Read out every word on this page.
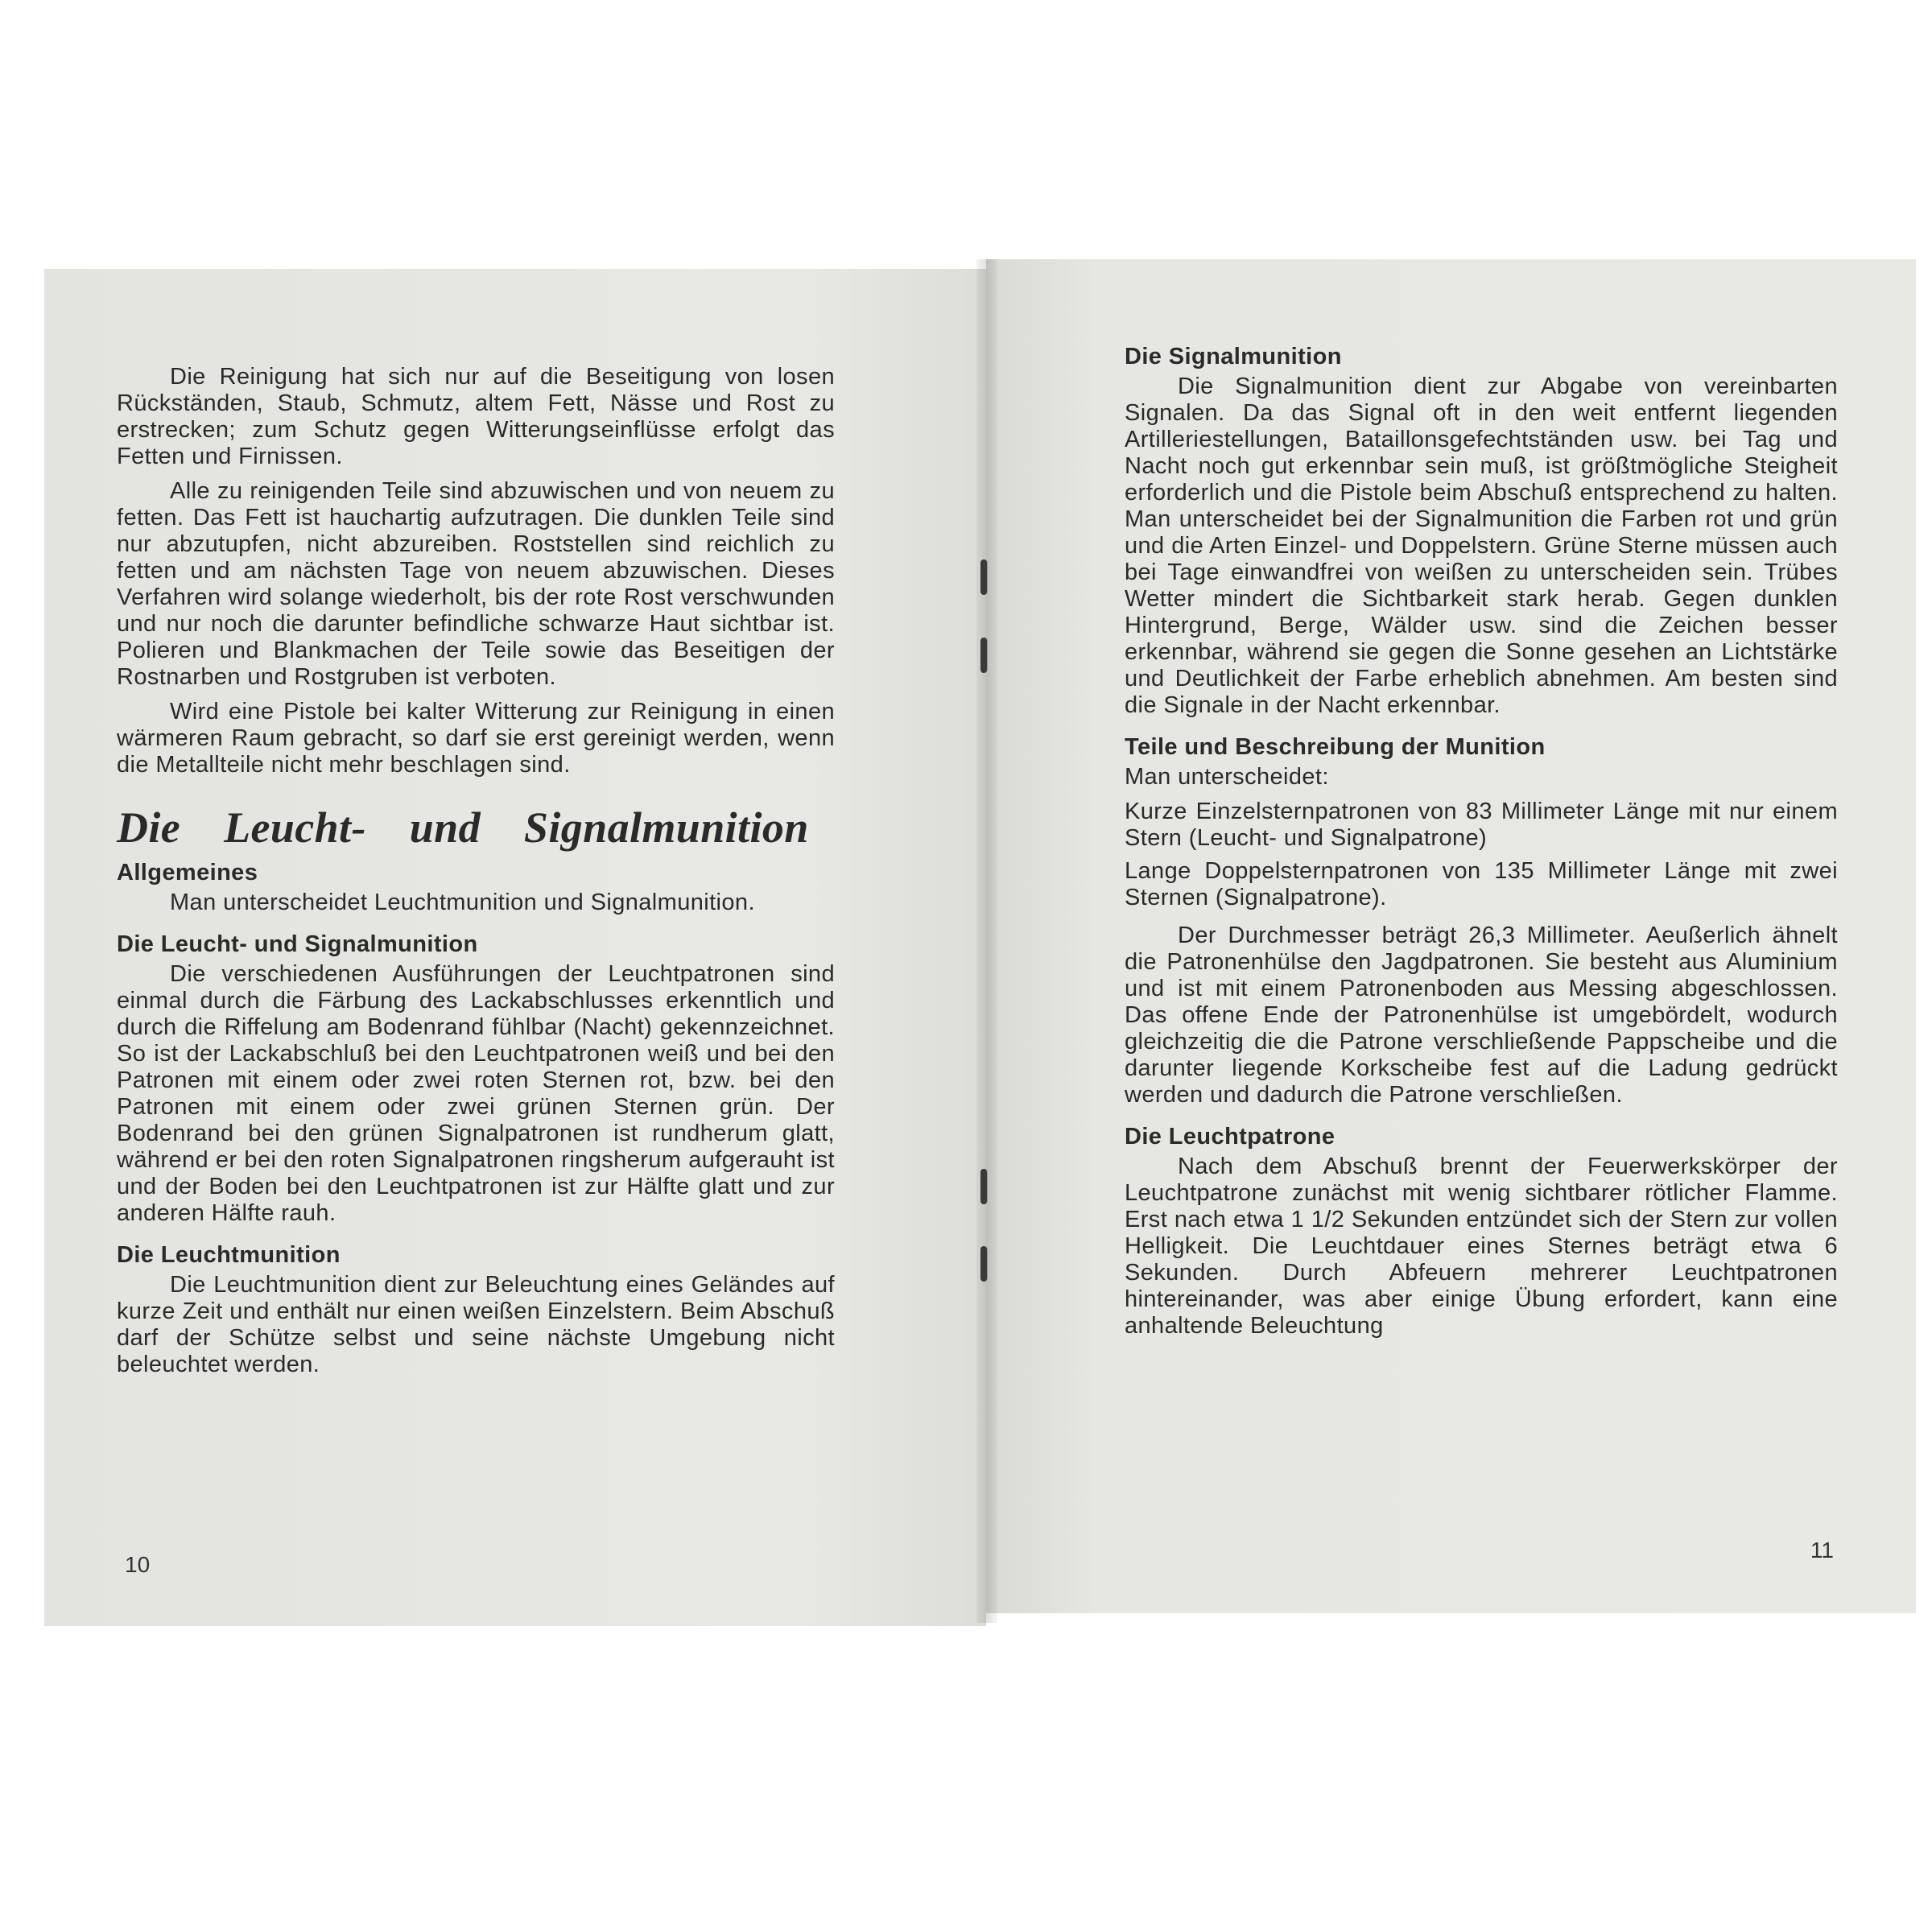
Die Reinigung hat sich nur auf die Beseitigung von losen Rückständen, Staub, Schmutz, altem Fett, Nässe und Rost zu erstrecken; zum Schutz gegen Witterungseinflüsse erfolgt das Fetten und Firnissen.

Alle zu reinigenden Teile sind abzuwischen und von neuem zu fetten. Das Fett ist hauchartig aufzutragen. Die dunklen Teile sind nur abzutupfen, nicht abzureiben. Roststellen sind reichlich zu fetten und am nächsten Tage von neuem abzuwischen. Dieses Verfahren wird solange wiederholt, bis der rote Rost verschwunden und nur noch die darunter befindliche schwarze Haut sichtbar ist. Polieren und Blankmachen der Teile sowie das Beseitigen der Rostnarben und Rostgruben ist verboten.

Wird eine Pistole bei kalter Witterung zur Reinigung in einen wärmeren Raum gebracht, so darf sie erst gereinigt werden, wenn die Metallteile nicht mehr beschlagen sind.

Die Leucht- und Signalmunition
Allgemeines

Man unterscheidet Leuchtmunition und Signalmunition.

Die Leucht- und Signalmunition

Die verschiedenen Ausführungen der Leuchtpatronen sind einmal durch die Färbung des Lackabschlusses erkenntlich und durch die Riffelung am Bodenrand fühlbar (Nacht) gekennzeichnet. So ist der Lackabschluß bei den Leuchtpatronen weiß und bei den Patronen mit einem oder zwei roten Sternen rot, bzw. bei den Patronen mit einem oder zwei grünen Sternen grün. Der Bodenrand bei den grünen Signalpatronen ist rundherum glatt, während er bei den roten Signalpatronen ringsherum aufgerauht ist und der Boden bei den Leuchtpatronen ist zur Hälfte glatt und zur anderen Hälfte rauh.

Die Leuchtmunition

Die Leuchtmunition dient zur Beleuchtung eines Geländes auf kurze Zeit und enthält nur einen weißen Einzelstern. Beim Abschuß darf der Schütze selbst und seine nächste Umgebung nicht beleuchtet werden.

10
Die Signalmunition

Die Signalmunition dient zur Abgabe von vereinbarten Signalen. Da das Signal oft in den weit entfernt liegenden Artilleriestellungen, Bataillonsgefechtständen usw. bei Tag und Nacht noch gut erkennbar sein muß, ist größtmögliche Steigheit erforderlich und die Pistole beim Abschuß entsprechend zu halten. Man unterscheidet bei der Signalmunition die Farben rot und grün und die Arten Einzel- und Doppelstern. Grüne Sterne müssen auch bei Tage einwandfrei von weißen zu unterscheiden sein. Trübes Wetter mindert die Sichtbarkeit stark herab. Gegen dunklen Hintergrund, Berge, Wälder usw. sind die Zeichen besser erkennbar, während sie gegen die Sonne gesehen an Lichtstärke und Deutlichkeit der Farbe erheblich abnehmen. Am besten sind die Signale in der Nacht erkennbar.

Teile und Beschreibung der Munition

Man unterscheidet:

Kurze Einzelsternpatronen von 83 Millimeter Länge mit nur einem Stern (Leucht- und Signalpatrone)

Lange Doppelsternpatronen von 135 Millimeter Länge mit zwei Sternen (Signalpatrone).

Der Durchmesser beträgt 26,3 Millimeter. Aeußerlich ähnelt die Patronenhülse den Jagdpatronen. Sie besteht aus Aluminium und ist mit einem Patronenboden aus Messing abgeschlossen. Das offene Ende der Patronenhülse ist umgebördelt, wodurch gleichzeitig die die Patrone verschließende Pappscheibe und die darunter liegende Korkscheibe fest auf die Ladung gedrückt werden und dadurch die Patrone verschließen.

Die Leuchtpatrone

Nach dem Abschuß brennt der Feuerwerkskörper der Leuchtpatrone zunächst mit wenig sichtbarer rötlicher Flamme. Erst nach etwa 1 1/2 Sekunden entzündet sich der Stern zur vollen Helligkeit. Die Leuchtdauer eines Sternes beträgt etwa 6 Sekunden. Durch Abfeuern mehrerer Leuchtpatronen hintereinander, was aber einige Übung erfordert, kann eine anhaltende Beleuchtung

11
